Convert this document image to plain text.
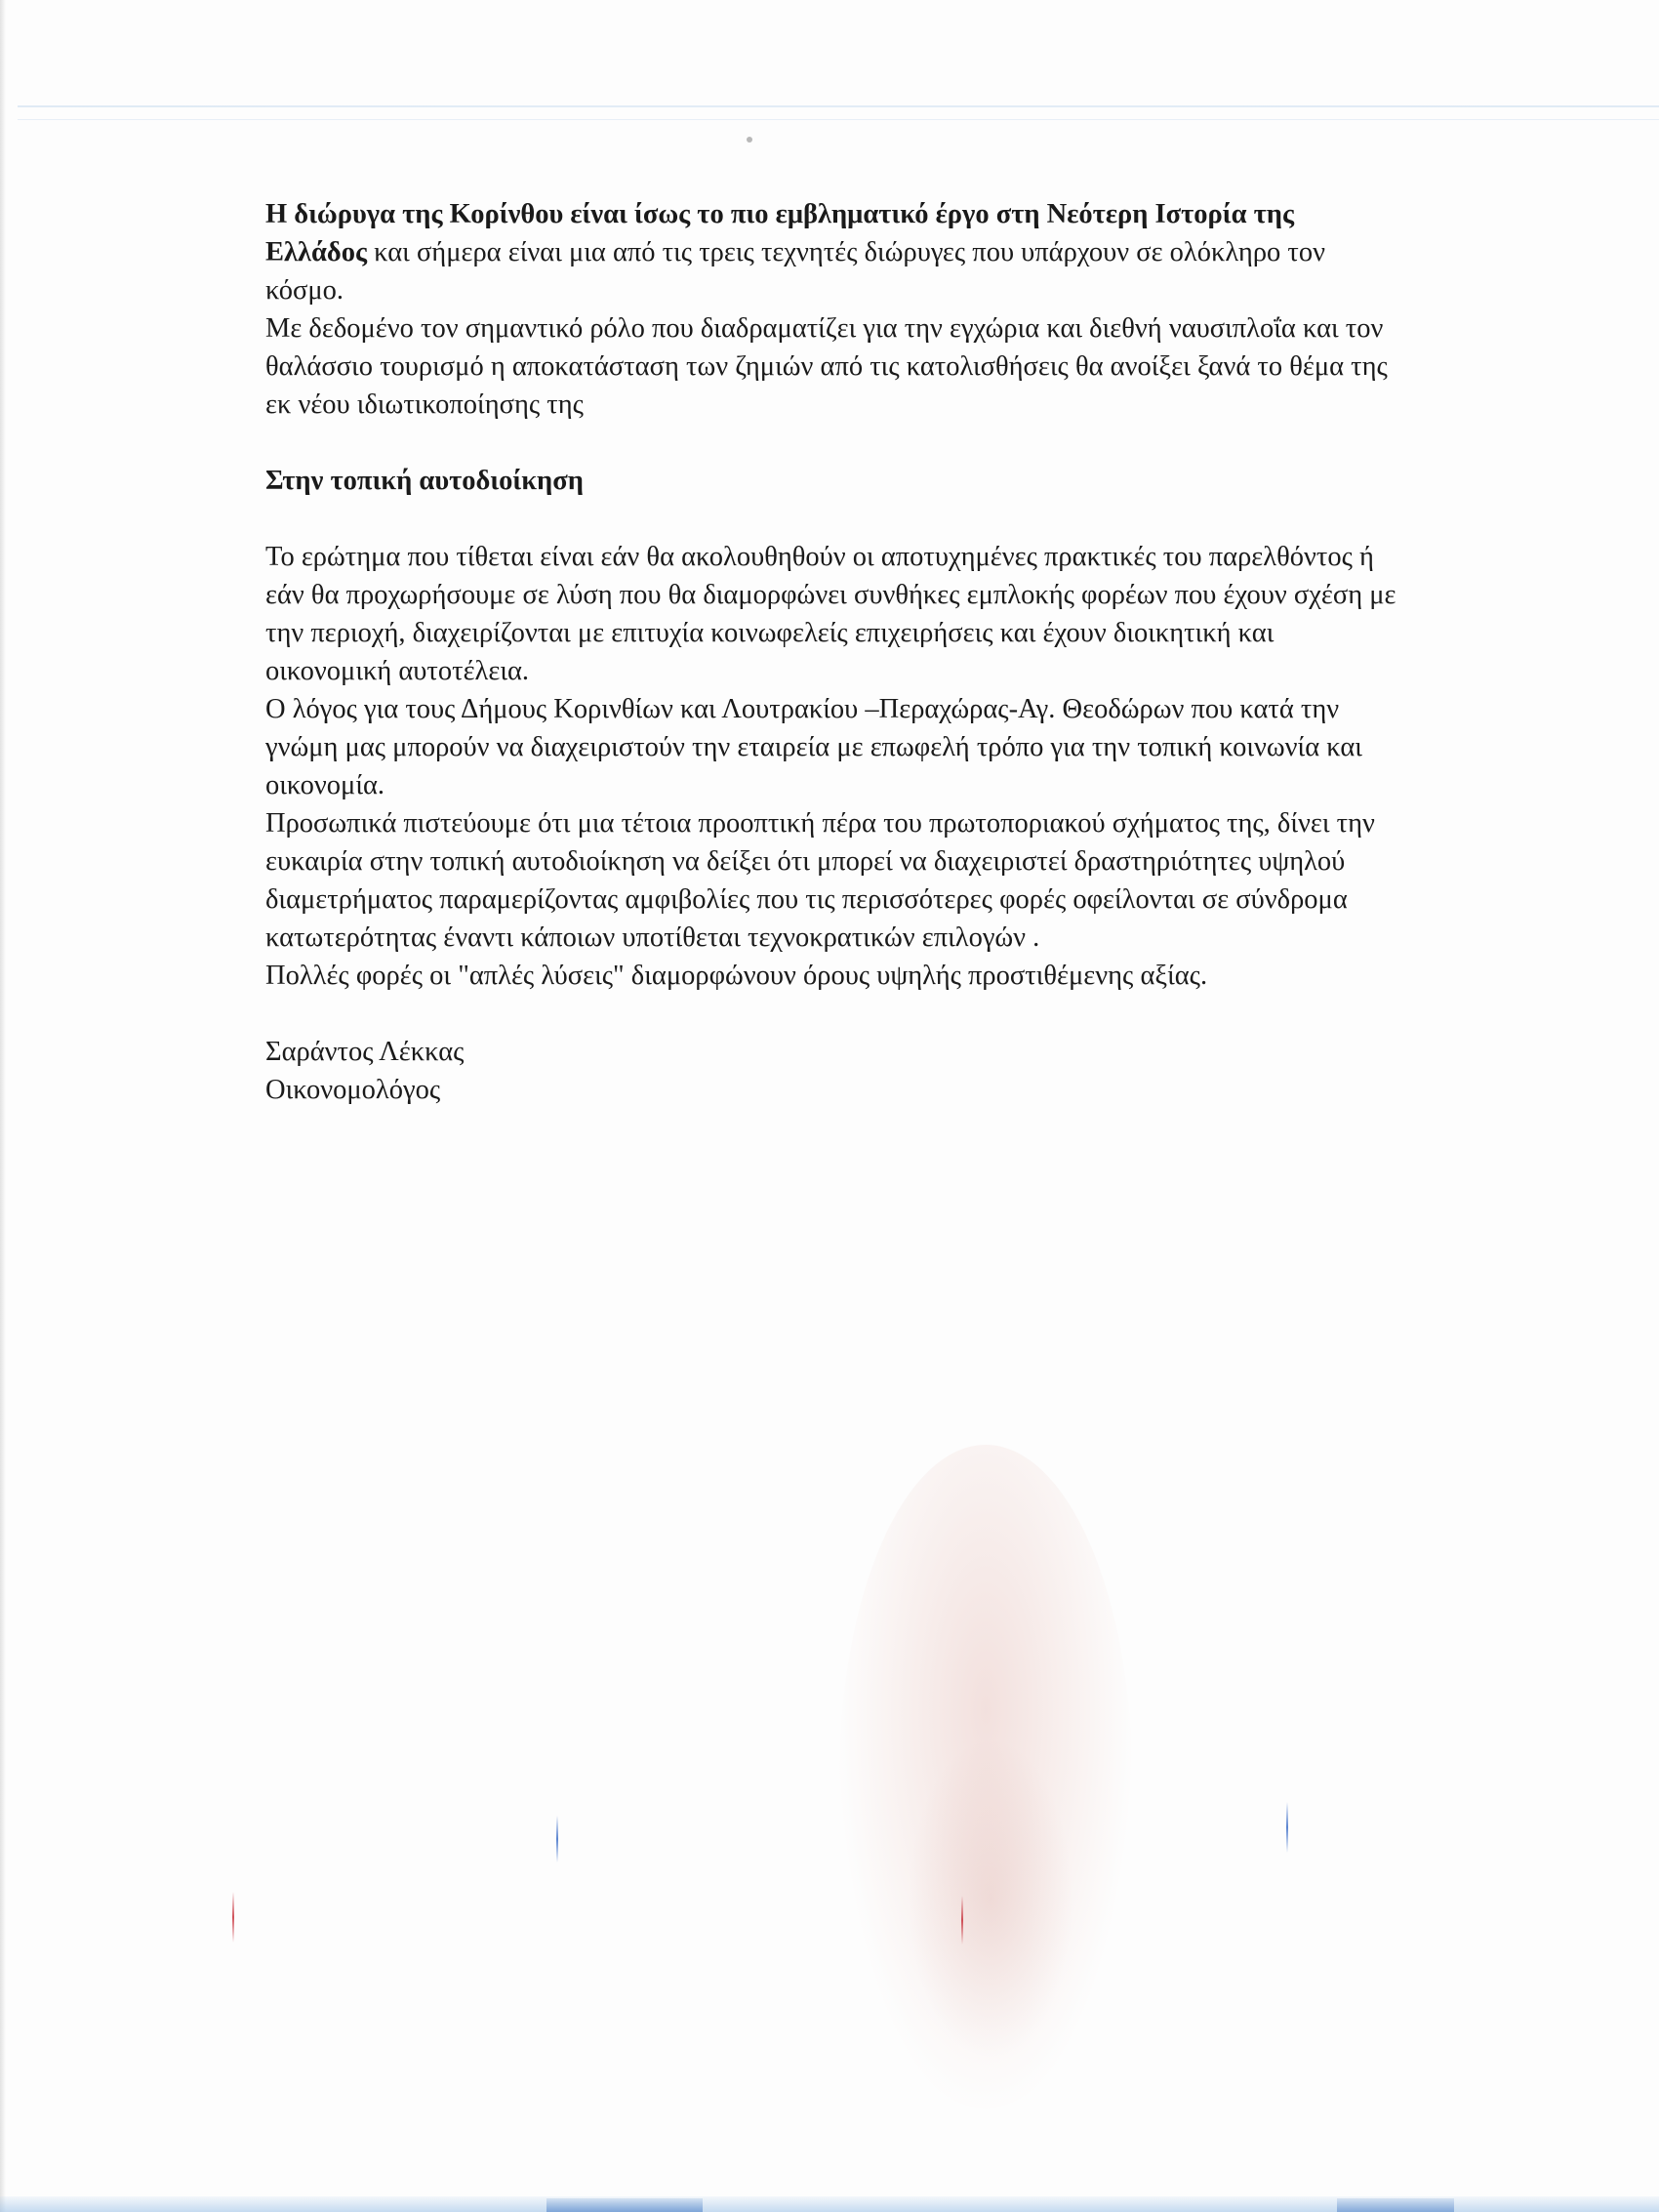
Η διώρυγα της Κορίνθου είναι ίσως το πιο εμβληματικό έργο στη Νεότερη Ιστορία της Ελλάδος και σήμερα είναι μια από τις τρεις τεχνητές διώρυγες που υπάρχουν σε ολόκληρο τον κόσμο.

Με δεδομένο τον σημαντικό ρόλο που διαδραματίζει για την εγχώρια και διεθνή ναυσιπλοΐα και τον θαλάσσιο τουρισμό η αποκατάσταση των ζημιών από τις κατολισθήσεις θα ανοίξει ξανά το θέμα της εκ νέου ιδιωτικοποίησης της

Στην τοπική αυτοδιοίκηση

Το ερώτημα που τίθεται είναι εάν θα ακολουθηθούν οι αποτυχημένες πρακτικές του παρελθόντος ή εάν θα προχωρήσουμε σε λύση που θα διαμορφώνει συνθήκες εμπλοκής φορέων που έχουν σχέση με την περιοχή, διαχειρίζονται με επιτυχία κοινωφελείς επιχειρήσεις και έχουν διοικητική και οικονομική αυτοτέλεια.

Ο λόγος για τους Δήμους Κορινθίων και Λουτρακίου –Περαχώρας-Αγ. Θεοδώρων που κατά την γνώμη μας μπορούν να διαχειριστούν την εταιρεία με επωφελή τρόπο για την τοπική κοινωνία και οικονομία.

Προσωπικά πιστεύουμε ότι μια τέτοια προοπτική πέρα του πρωτοποριακού σχήματος της, δίνει την ευκαιρία στην τοπική αυτοδιοίκηση να δείξει ότι μπορεί να διαχειριστεί δραστηριότητες υψηλού διαμετρήματος παραμερίζοντας αμφιβολίες που τις περισσότερες φορές οφείλονται σε σύνδρομα κατωτερότητας έναντι κάποιων υποτίθεται τεχνοκρατικών επιλογών .

Πολλές φορές οι "απλές λύσεις" διαμορφώνουν όρους υψηλής προστιθέμενης αξίας.

Σαράντος Λέκκας

Οικονομολόγος
